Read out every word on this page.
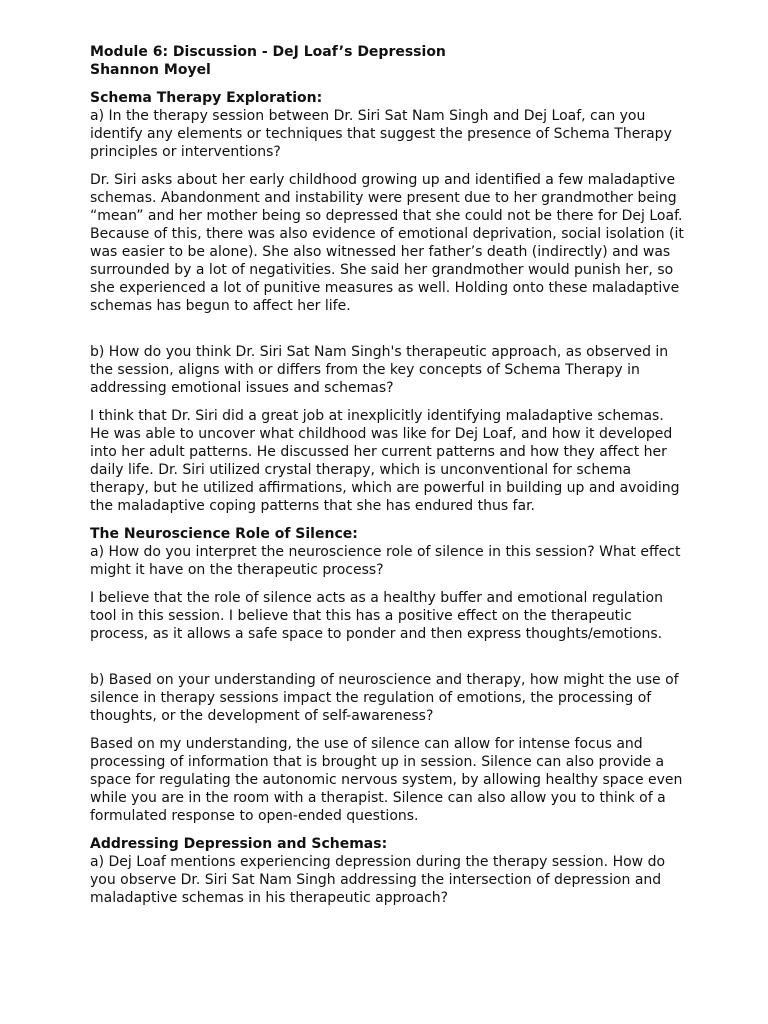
Module 6: Discussion - DeJ Loaf’s Depression

Shannon Moyel

Schema Therapy Exploration:

a) In the therapy session between Dr. Siri Sat Nam Singh and Dej Loaf, can you identify any elements or techniques that suggest the presence of Schema Therapy principles or interventions?

Dr. Siri asks about her early childhood growing up and identified a few maladaptive schemas. Abandonment and instability were present due to her grandmother being “mean” and her mother being so depressed that she could not be there for Dej Loaf. Because of this, there was also evidence of emotional deprivation, social isolation (it was easier to be alone). She also witnessed her father’s death (indirectly) and was surrounded by a lot of negativities. She said her grandmother would punish her, so she experienced a lot of punitive measures as well. Holding onto these maladaptive schemas has begun to affect her life.

b) How do you think Dr. Siri Sat Nam Singh's therapeutic approach, as observed in the session, aligns with or differs from the key concepts of Schema Therapy in addressing emotional issues and schemas?

I think that Dr. Siri did a great job at inexplicitly identifying maladaptive schemas. He was able to uncover what childhood was like for Dej Loaf, and how it developed into her adult patterns. He discussed her current patterns and how they affect her daily life. Dr. Siri utilized crystal therapy, which is unconventional for schema therapy, but he utilized affirmations, which are powerful in building up and avoiding the maladaptive coping patterns that she has endured thus far.

The Neuroscience Role of Silence:

a) How do you interpret the neuroscience role of silence in this session? What effect might it have on the therapeutic process?

I believe that the role of silence acts as a healthy buffer and emotional regulation tool in this session. I believe that this has a positive effect on the therapeutic process, as it allows a safe space to ponder and then express thoughts/emotions.

b) Based on your understanding of neuroscience and therapy, how might the use of silence in therapy sessions impact the regulation of emotions, the processing of thoughts, or the development of self-awareness?

Based on my understanding, the use of silence can allow for intense focus and processing of information that is brought up in session. Silence can also provide a space for regulating the autonomic nervous system, by allowing healthy space even while you are in the room with a therapist. Silence can also allow you to think of a formulated response to open-ended questions.

Addressing Depression and Schemas:

a) Dej Loaf mentions experiencing depression during the therapy session. How do you observe Dr. Siri Sat Nam Singh addressing the intersection of depression and maladaptive schemas in his therapeutic approach?
